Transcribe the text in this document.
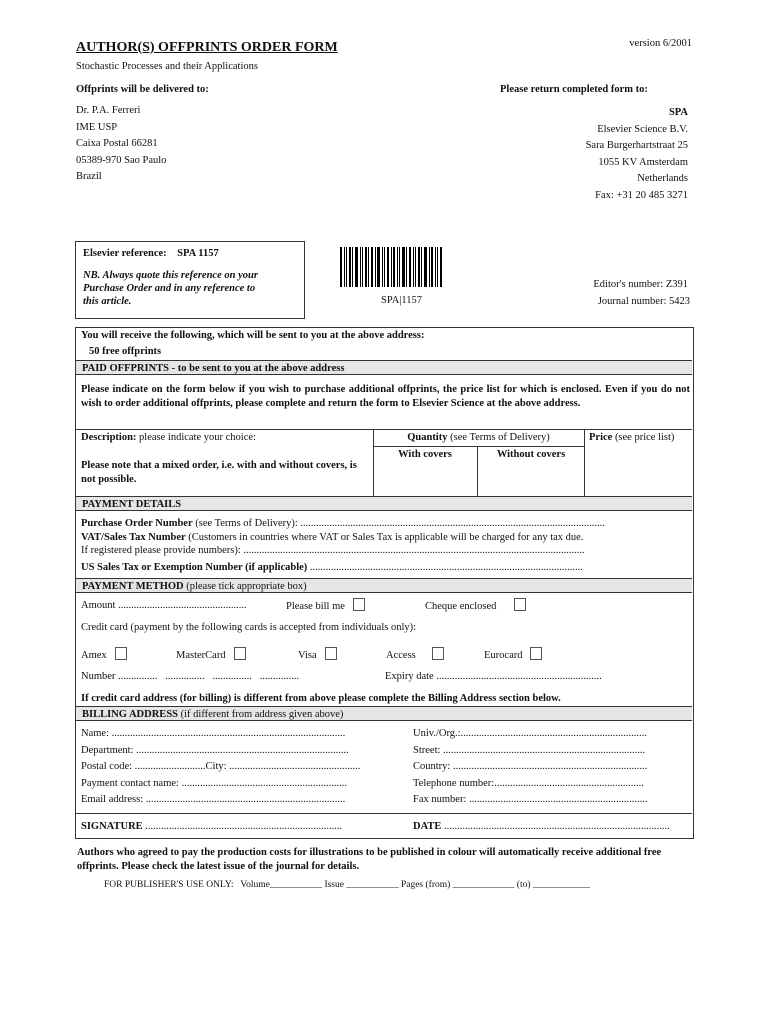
AUTHOR(S) OFFPRINTS ORDER FORM	version 6/2001
Stochastic Processes and their Applications
Offprints will be delivered to:
Dr. P.A. Ferreri
IME USP
Caixa Postal 66281
05389-970 Sao Paulo
Brazil
Please return completed form to:
SPA
Elsevier Science B.V.
Sara Burgerhartstraat 25
1055 KV Amsterdam
Netherlands
Fax: +31 20 485 3271
Elsevier reference: SPA 1157
NB. Always quote this reference on your Purchase Order and in any reference to this article.	SPA|1157
Editor's number: Z391
Journal number: 5423
You will receive the following, which will be sent to you at the above address:
50 free offprints
PAID OFFPRINTS - to be sent to you at the above address
Please indicate on the form below if you wish to purchase additional offprints, the price list for which is enclosed. Even if you do not wish to order additional offprints, please complete and return the form to Elsevier Science at the above address.
Description: please indicate your choice:	Quantity (see Terms of Delivery)	Price (see price list)
With covers	Without covers
Please note that a mixed order, i.e. with and without covers, is not possible.
PAYMENT DETAILS
Purchase Order Number (see Terms of Delivery): ....................................................................................................................
VAT/Sales Tax Number (Customers in countries where VAT or Sales Tax is applicable will be charged for any tax due.
If registered please provide numbers): ..................................................................................................................................
US Sales Tax or Exemption Number (if applicable) ........................................................................................................
PAYMENT METHOD (please tick appropriate box)
Amount .................................................	Please bill me	Cheque enclosed
Credit card (payment by the following cards is accepted from individuals only):
Amex	MasterCard	Visa	Access	Eurocard
Number ...............   ...............   ...............   ...............	Expiry date ...............................................................
If credit card address (for billing) is different from above please complete the Billing Address section below.
BILLING ADDRESS (if different from address given above)
Name: .........................................................................................
Department: .................................................................................
Postal code: ...........................City: ..................................................
Payment contact name: ...............................................................
Email address: ............................................................................
Univ./Org.:.......................................................................
Street: .............................................................................
Country: ..........................................................................
Telephone number:.........................................................
Fax number: ....................................................................
SIGNATURE ...........................................................................	DATE ......................................................................................
Authors who agreed to pay the production costs for illustrations to be published in colour will automatically receive additional free offprints. Please check the latest issue of the journal for details.
FOR PUBLISHER'S USE ONLY:   Volume___________ Issue ___________ Pages (from) _____________ (to) ____________
